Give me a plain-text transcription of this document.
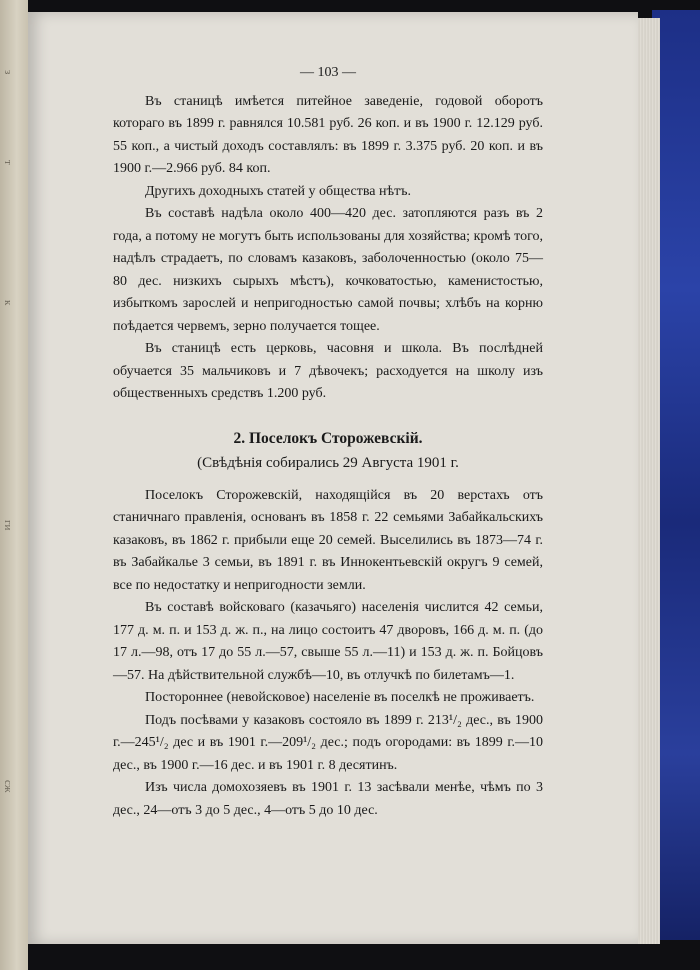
з
т
к
ги
сж

— 103 —

Въ станицѣ имѣется питейное заведеніе, годовой оборотъ котораго въ 1899 г. равнялся 10.581 руб. 26 коп. и въ 1900 г. 12.129 руб. 55 коп., а чистый доходъ составлялъ: въ 1899 г. 3.375 руб. 20 коп. и въ 1900 г.—2.966 руб. 84 коп.

Другихъ доходныхъ статей у общества нѣтъ.

Въ составѣ надѣла около 400—420 дес. затопляются разъ въ 2 года, а потому не могутъ быть использованы для хозяйства; кромѣ того, надѣлъ страдаетъ, по словамъ казаковъ, заболоченностью (около 75—80 дес. низкихъ сырыхъ мѣстъ), кочковатостью, каменистостью, избыткомъ зарослей и непригодностью самой почвы; хлѣбъ на корню поѣдается червемъ, зерно получается тощее.

Въ станицѣ есть церковь, часовня и школа. Въ послѣдней обучается 35 мальчиковъ и 7 дѣвочекъ; расходуется на школу изъ общественныхъ средствъ 1.200 руб.

2. Поселокъ Сторожевскій.

(Свѣдѣнія собирались 29 Августа 1901 г.

Поселокъ Сторожевскій, находящійся въ 20 верстахъ отъ станичнаго правленія, основанъ въ 1858 г. 22 семьями Забайкальскихъ казаковъ, въ 1862 г. прибыли еще 20 семей. Выселились въ 1873—74 г. въ Забайкалье 3 семьи, въ 1891 г. въ Иннокентьевскій округъ 9 семей, все по недостатку и непригодности земли.

Въ составѣ войсковаго (казачьяго) населенія числится 42 семьи, 177 д. м. п. и 153 д. ж. п., на лицо состоитъ 47 дворовъ, 166 д. м. п. (до 17 л.—98, отъ 17 до 55 л.—57, свыше 55 л.—11) и 153 д. ж. п. Бойцовъ—57. На дѣйствительной службѣ—10, въ отлучкѣ по билетамъ—1.

Постороннее (невойсковое) населеніе въ поселкѣ не проживаетъ.

Подъ посѣвами у казаковъ состояло въ 1899 г. 213¹/₂ дес., въ 1900 г.—245¹/₂ дес и въ 1901 г.—209¹/₂ дес.; подъ огородами: въ 1899 г.—10 дес., въ 1900 г.—16 дес. и въ 1901 г. 8 десятинъ.

Изъ числа домохозяевъ въ 1901 г. 13 засѣвали менѣе, чѣмъ по 3 дес., 24—отъ 3 до 5 дес., 4—отъ 5 до 10 дес.
